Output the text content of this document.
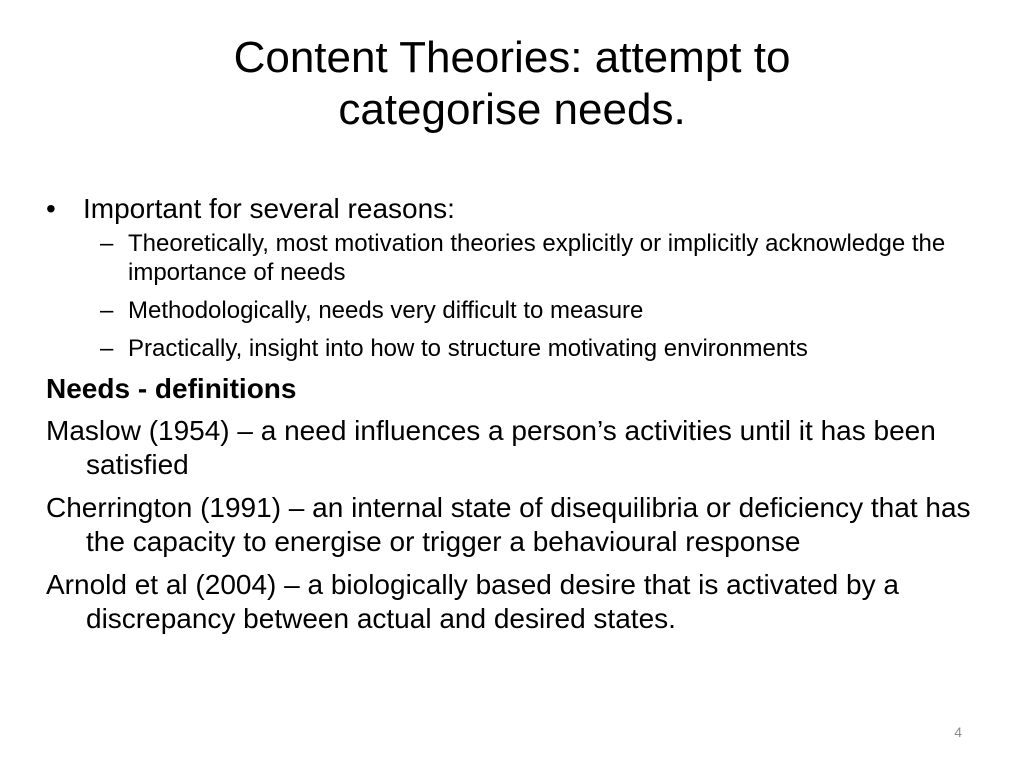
Content Theories: attempt to
categorise needs.
• Important for several reasons:
– Theoretically, most motivation theories explicitly or implicitly acknowledge the importance of needs
– Methodologically, needs very difficult to measure
– Practically, insight into how to structure motivating environments
Needs - definitions
Maslow (1954) – a need influences a person’s activities until it has been satisfied
Cherrington (1991) – an internal state of disequilibria or deficiency that has the capacity to energise or trigger a behavioural response
Arnold et al (2004) – a biologically based desire that is activated by a discrepancy between actual and desired states.
4
